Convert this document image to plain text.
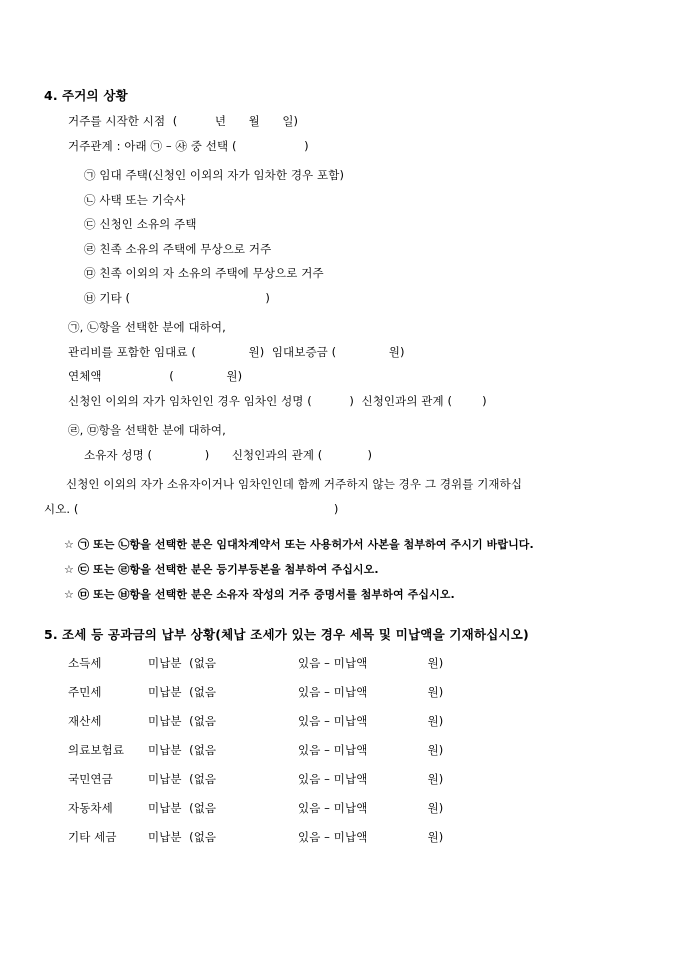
4. 주거의 상황
거주를 시작한 시점  (          년      월      일)
거주관계 : 아래 ㉠ – ㉴ 중 선택 (                  )
㉠ 임대 주택(신청인 이외의 자가 임차한 경우 포함)
㉡ 사택 또는 기숙사
㉢ 신청인 소유의 주택
㉣ 친족 소유의 주택에 무상으로 거주
㉤ 친족 이외의 자 소유의 주택에 무상으로 거주
㉥ 기타 (                                    )
㉠, ㉡항을 선택한 분에 대하여,
관리비를 포함한 임대료 (              원)  임대보증금 (              원)
연체액                  (              원)
신청인 이외의 자가 임차인인 경우 임차인 성명 (          )  신청인과의 관계 (        )
㉣, ㉤항을 선택한 분에 대하여,
소유자 성명 (              )      신청인과의 관계 (            )
신청인 이외의 자가 소유자이거나 임차인인데 함께 거주하지 않는 경우 그 경위를 기재하십
시오. (                                                                    )
☆ ㉠ 또는 ㉡항을 선택한 분은 임대차계약서 또는 사용허가서 사본을 첨부하여 주시기 바랍니다.
☆ ㉢ 또는 ㉣항을 선택한 분은 등기부등본을 첨부하여 주십시오.
☆ ㉤ 또는 ㉥항을 선택한 분은 소유자 작성의 거주 증명서를 첨부하여 주십시오.
5. 조세 등 공과금의 납부 상황(체납 조세가 있는 경우 세목 및 미납액을 기재하십시오)
소득세	미납분  (없음	있음 – 미납액                원)
주민세	미납분  (없음	있음 – 미납액                원)
재산세	미납분  (없음	있음 – 미납액                원)
의료보험료 미납분  (없음	있음 – 미납액                원)
국민연금	미납분  (없음	있음 – 미납액                원)
자동차세	미납분  (없음	있음 – 미납액                원)
기타 세금	미납분  (없음	있음 – 미납액                원)
